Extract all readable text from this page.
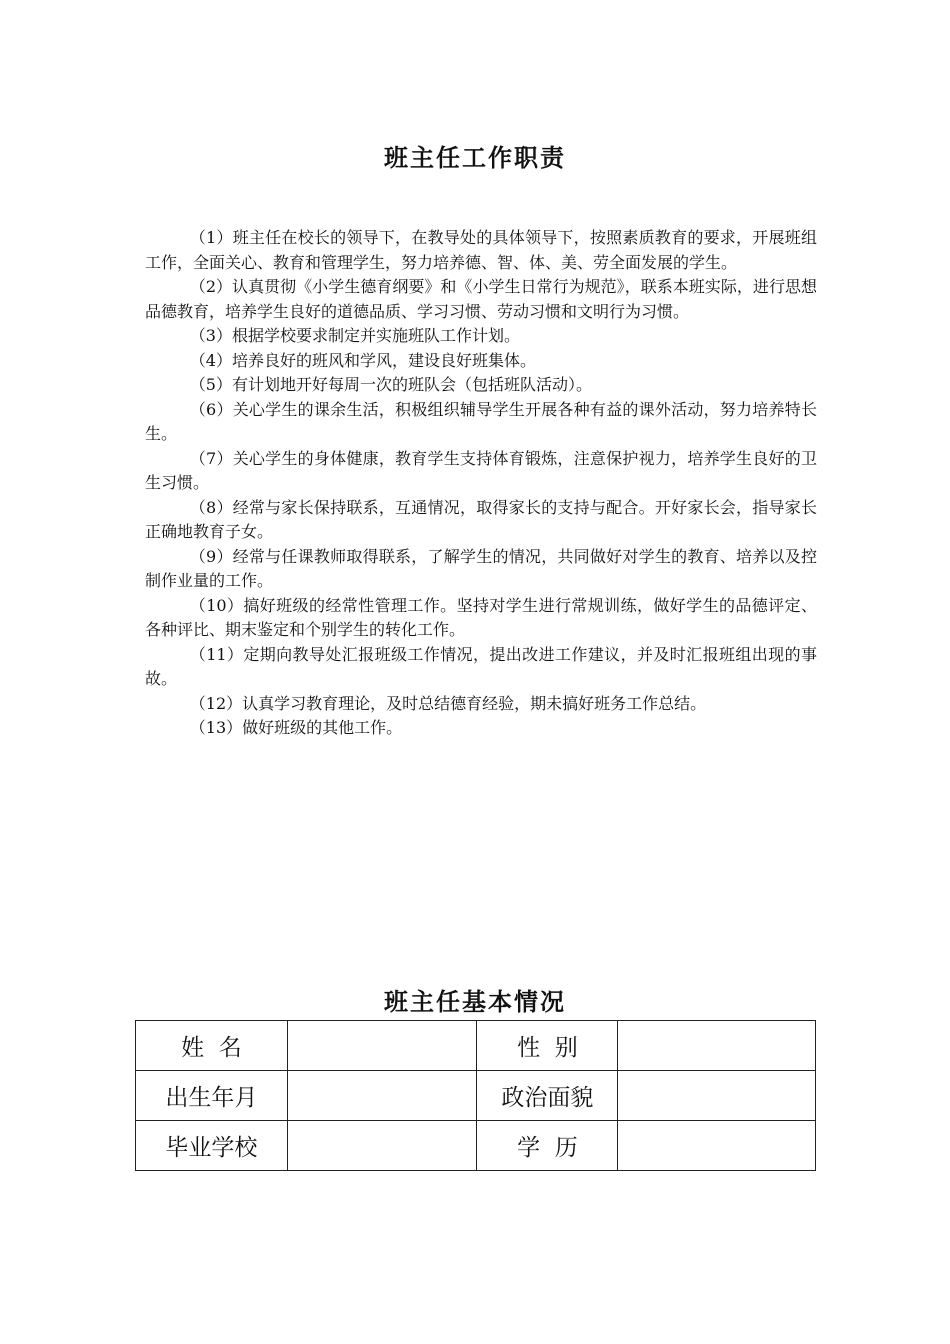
班主任工作职责

（1）班主任在校长的领导下，在教导处的具体领导下，按照素质教育的要求，开展班组工作，全面关心、教育和管理学生，努力培养德、智、体、美、劳全面发展的学生。

（2）认真贯彻《小学生德育纲要》和《小学生日常行为规范》，联系本班实际，进行思想品德教育，培养学生良好的道德品质、学习习惯、劳动习惯和文明行为习惯。

（3）根据学校要求制定并实施班队工作计划。

（4）培养良好的班风和学风，建设良好班集体。

（5）有计划地开好每周一次的班队会（包括班队活动）。

（6）关心学生的课余生活，积极组织辅导学生开展各种有益的课外活动，努力培养特长生。

（7）关心学生的身体健康，教育学生支持体育锻炼，注意保护视力，培养学生良好的卫生习惯。

（8）经常与家长保持联系，互通情况，取得家长的支持与配合。开好家长会，指导家长正确地教育子女。

（9）经常与任课教师取得联系，了解学生的情况，共同做好对学生的教育、培养以及控制作业量的工作。

（10）搞好班级的经常性管理工作。坚持对学生进行常规训练，做好学生的品德评定、各种评比、期末鉴定和个别学生的转化工作。

（11）定期向教导处汇报班级工作情况，提出改进工作建议，并及时汇报班组出现的事故。

（12）认真学习教育理论，及时总结德育经验，期未搞好班务工作总结。

（13）做好班级的其他工作。

班主任基本情况
姓  名		性  别	
出生年月		政治面貌	
毕业学校		学  历	
